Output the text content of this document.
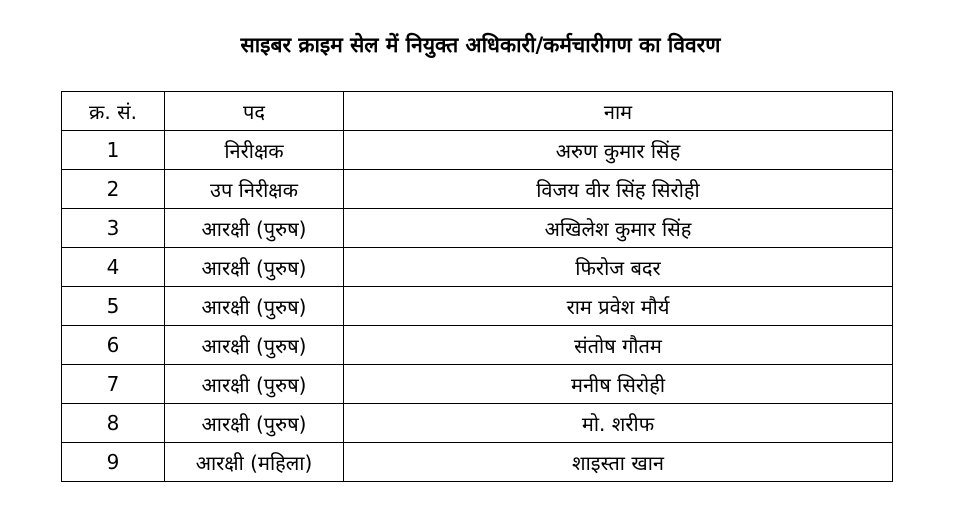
साइबर क्राइम सेल में नियुक्त अधिकारी/कर्मचारीगण का विवरण
क्र. सं.	पद	नाम
1	निरीक्षक	अरुण कुमार सिंह
2	उप निरीक्षक	विजय वीर सिंह सिरोही
3	आरक्षी (पुरुष)	अखिलेश कुमार सिंह
4	आरक्षी (पुरुष)	फिरोज बदर
5	आरक्षी (पुरुष)	राम प्रवेश मौर्य
6	आरक्षी (पुरुष)	संतोष गौतम
7	आरक्षी (पुरुष)	मनीष सिरोही
8	आरक्षी (पुरुष)	मो. शरीफ
9	आरक्षी (महिला)	शाइस्ता खान
